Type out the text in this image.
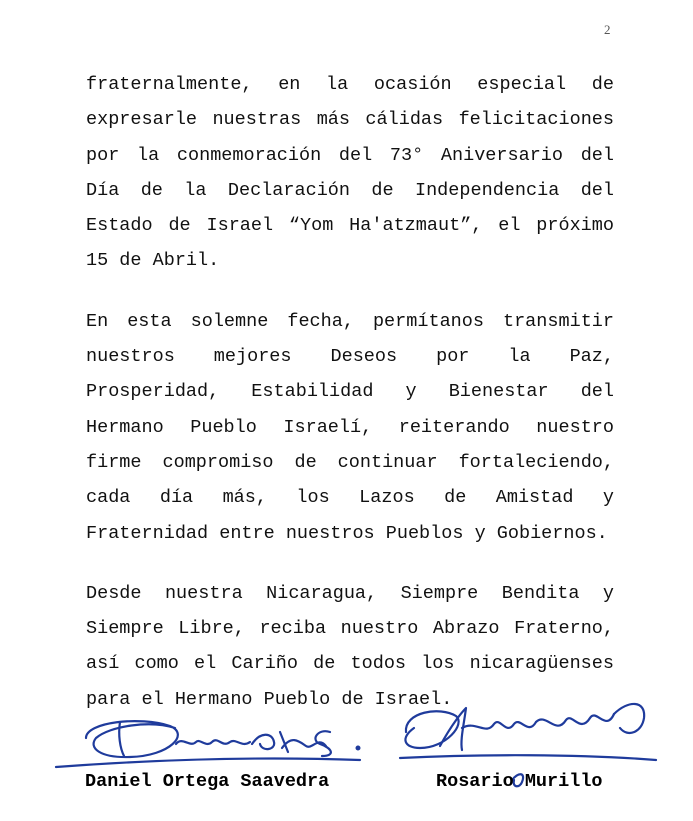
2

fraternalmente, en la ocasión especial de expresarle nuestras más cálidas felicitaciones por la conmemoración del 73° Aniversario del Día de la Declaración de Independencia del Estado de Israel “Yom Ha'atzmaut”, el próximo 15 de Abril.

En esta solemne fecha, permítanos transmitir nuestros mejores Deseos por la Paz, Prosperidad, Estabilidad y Bienestar del Hermano Pueblo Israelí, reiterando nuestro firme compromiso de continuar fortaleciendo, cada día más, los Lazos de Amistad y Fraternidad entre nuestros Pueblos y Gobiernos.

Desde nuestra Nicaragua, Siempre Bendita y Siempre Libre, reciba nuestro Abrazo Fraterno, así como el Cariño de todos los nicaragüenses para el Hermano Pueblo de Israel.

Daniel Ortega Saavedra	Rosario Murillo
